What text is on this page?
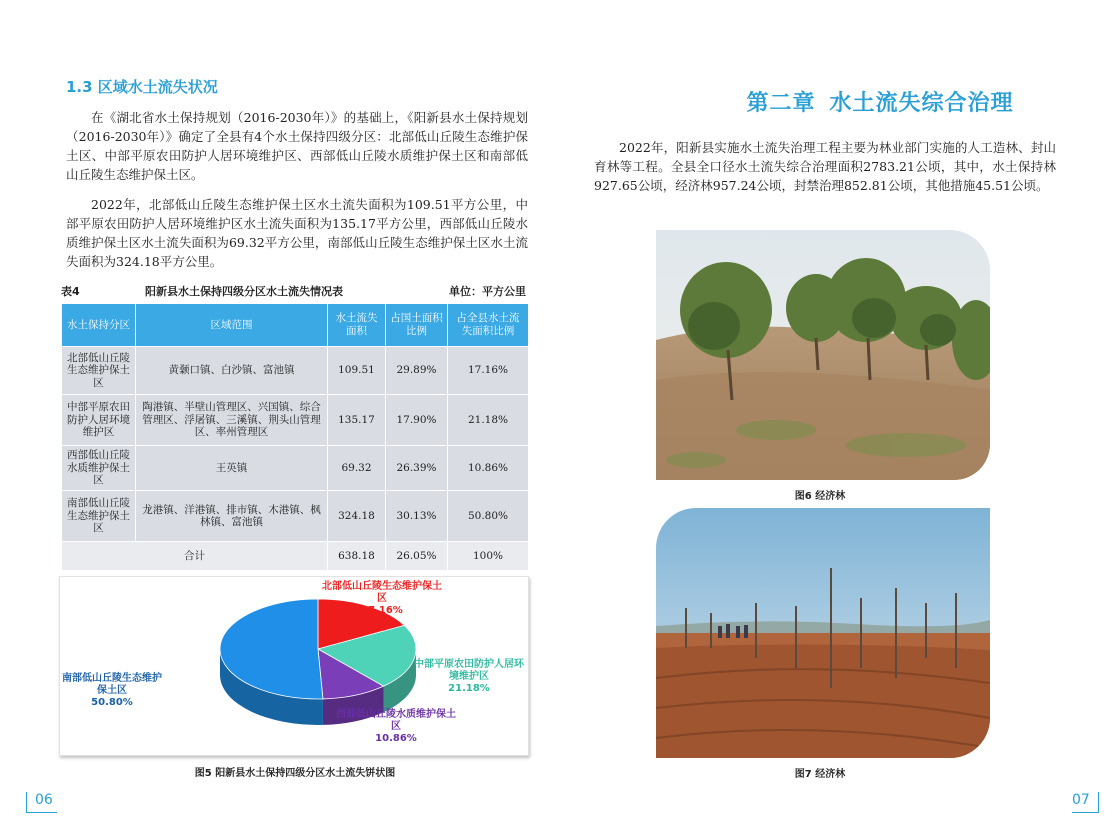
1.3 区域水土流失状况

在《湖北省水土保持规划（2016-2030年）》的基础上，《阳新县水土保持规划（2016-2030年）》确定了全县有4个水土保持四级分区：北部低山丘陵生态维护保土区、中部平原农田防护人居环境维护区、西部低山丘陵水质维护保土区和南部低山丘陵生态维护保土区。

2022年，北部低山丘陵生态维护保土区水土流失面积为109.51平方公里，中部平原农田防护人居环境维护区水土流失面积为135.17平方公里，西部低山丘陵水质维护保土区水土流失面积为69.32平方公里，南部低山丘陵生态维护保土区水土流失面积为324.18平方公里。

表4	阳新县水土保持四级分区水土流失情况表	单位：平方公里
水土保持分区	区域范围	水土流失面积	占国土面积比例	占全县水土流失面积比例
北部低山丘陵生态维护保土区	黄颡口镇、白沙镇、富池镇	109.51	29.89%	17.16%
中部平原农田防护人居环境维护区	陶港镇、半壁山管理区、兴国镇、综合管理区、浮屠镇、三溪镇、荆头山管理区、率州管理区	135.17	17.90%	21.18%
西部低山丘陵水质维护保土区	王英镇	69.32	26.39%	10.86%
南部低山丘陵生态维护保土区	龙港镇、洋港镇、排市镇、木港镇、枫林镇、富池镇	324.18	30.13%	50.80%
合计		638.18	26.05%	100%
北部低山丘陵生态维护保土区
17.16%
中部平原农田防护人居环境维护区
21.18%
西部低山丘陵水质维护保土区
10.86%
南部低山丘陵生态维护保土区
50.80%
图5 阳新县水土保持四级分区水土流失饼状图
06
第二章 水土流失综合治理

2022年，阳新县实施水土流失治理工程主要为林业部门实施的人工造林、封山育林等工程。全县全口径水土流失综合治理面积2783.21公顷，其中，水土保持林927.65公顷，经济林957.24公顷，封禁治理852.81公顷，其他措施45.51公顷。

图6 经济林
图7 经济林
07
